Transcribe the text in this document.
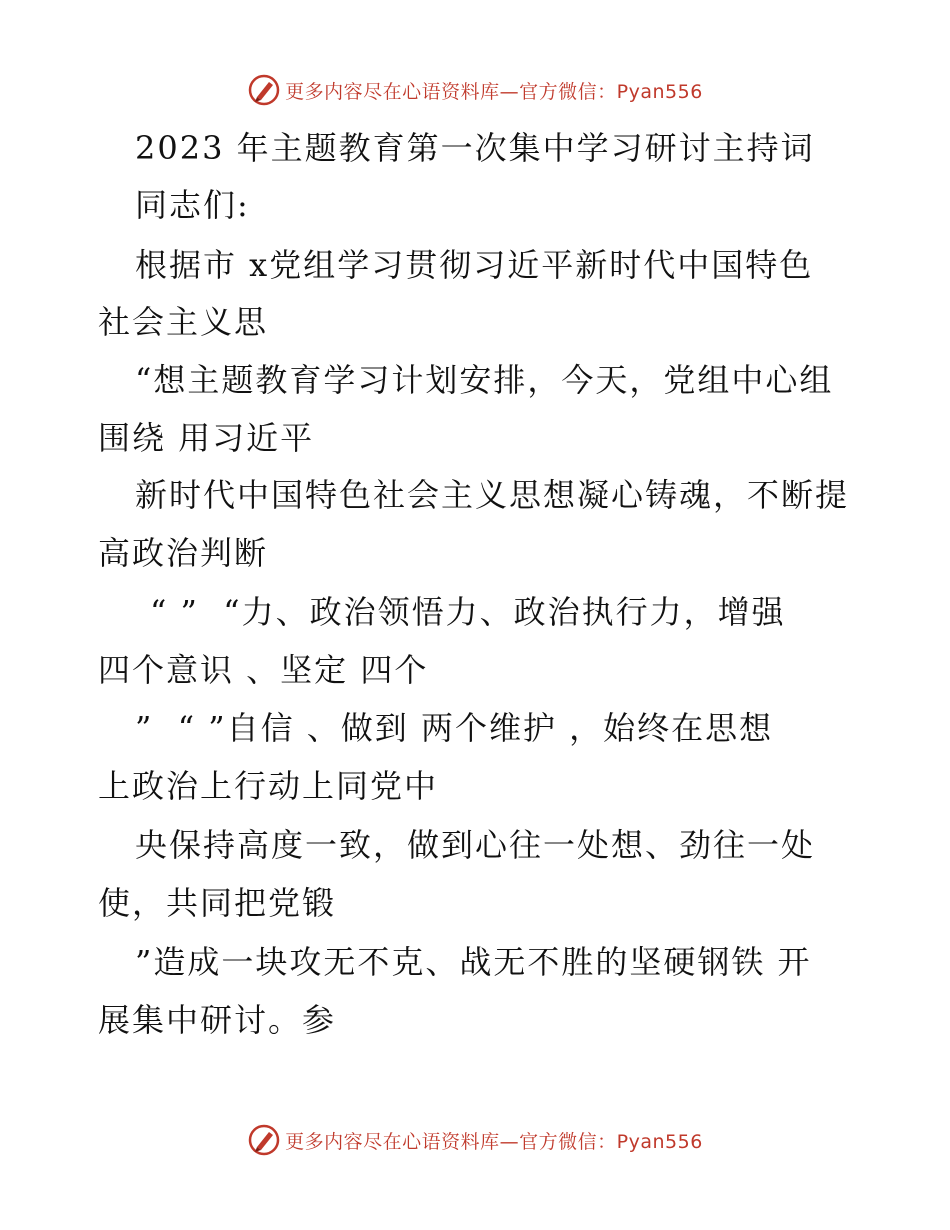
更多内容尽在心语资料库—官方微信：Pyan556
2023 年主题教育第一次集中学习研讨主持词
同志们:
根据市 x党组学习贯彻习近平新时代中国特色
社会主义思
“想主题教育学习计划安排，今天，党组中心组
围绕 用习近平
新时代中国特色社会主义思想凝心铸魂，不断提
高政治判断
“ ”  “力、政治领悟力、政治执行力，增强
四个意识 、坚定 四个
”  “ ”自信 、做到 两个维护 ，始终在思想
上政治上行动上同党中
央保持高度一致，做到心往一处想、劲往一处
使，共同把党锻
”造成一块攻无不克、战无不胜的坚硬钢铁 开
展集中研讨。参
更多内容尽在心语资料库—官方微信：Pyan556
